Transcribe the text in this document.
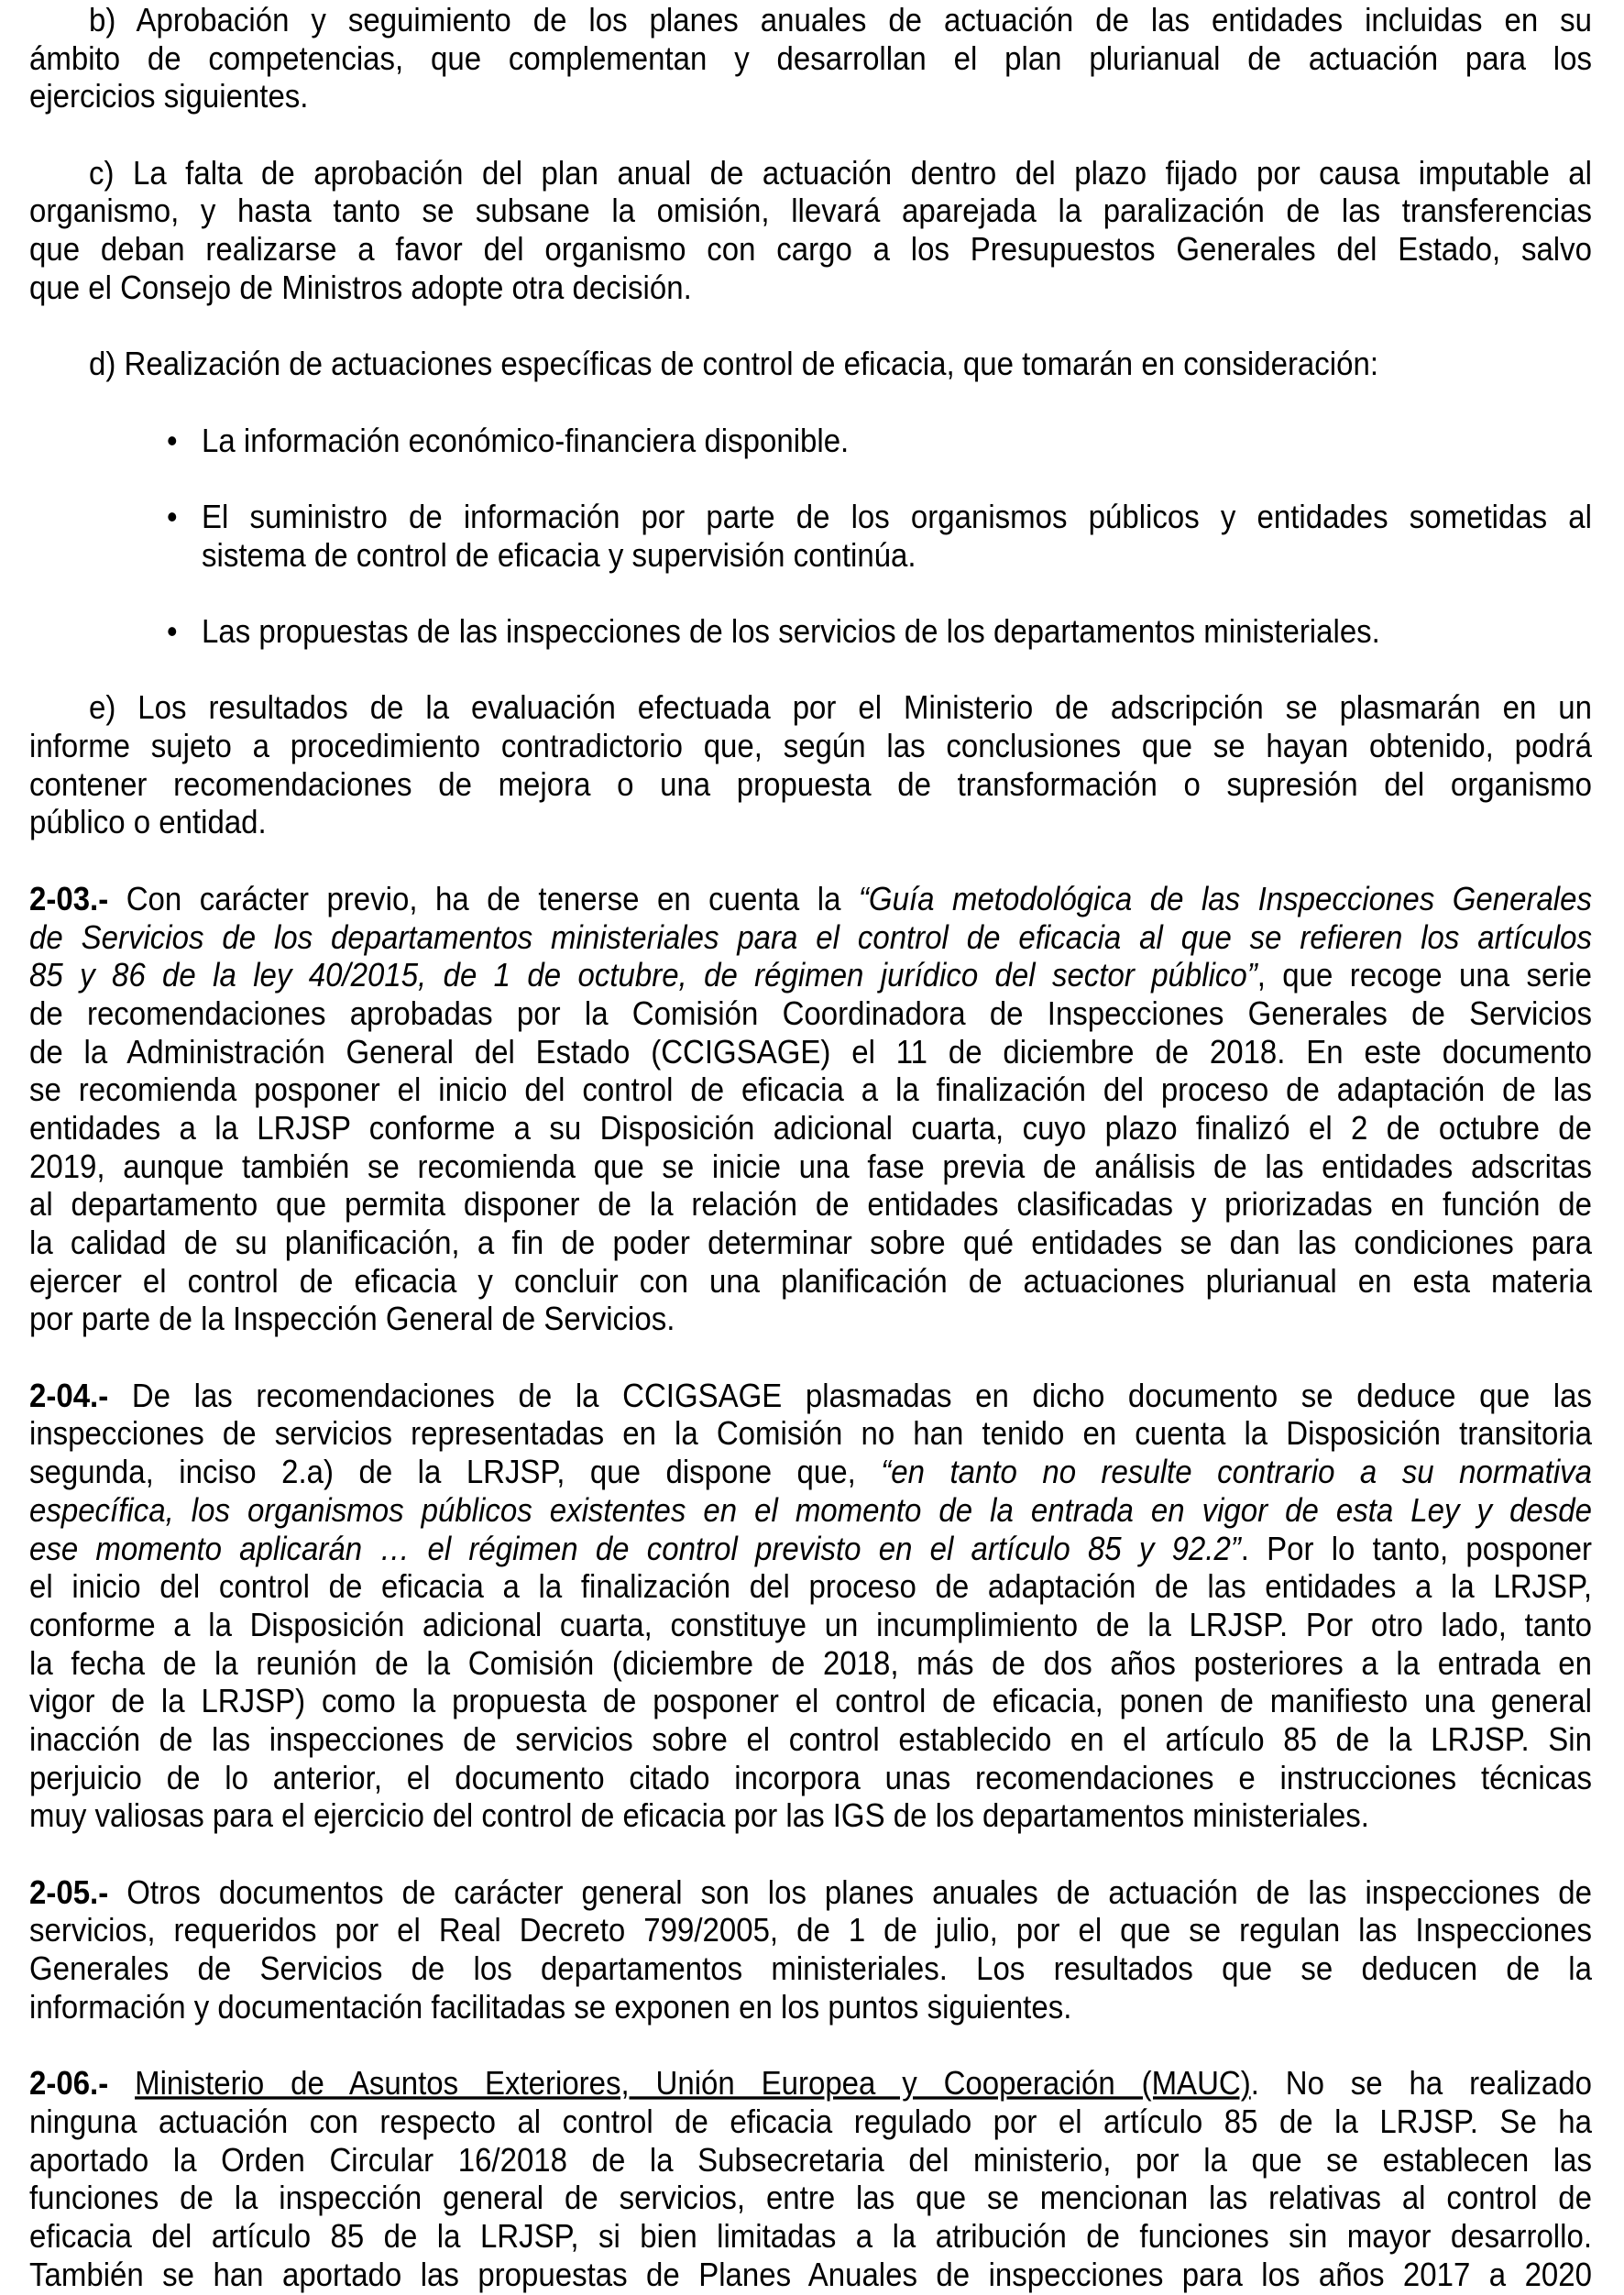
b) Aprobación y seguimiento de los planes anuales de actuación de las entidades incluidas en su
ámbito de competencias, que complementan y desarrollan el plan plurianual de actuación para los
ejercicios siguientes.
c) La falta de aprobación del plan anual de actuación dentro del plazo fijado por causa imputable al
organismo, y hasta tanto se subsane la omisión, llevará aparejada la paralización de las transferencias
que deban realizarse a favor del organismo con cargo a los Presupuestos Generales del Estado, salvo
que el Consejo de Ministros adopte otra decisión.
d) Realización de actuaciones específicas de control de eficacia, que tomarán en consideración:
• La información económico-financiera disponible.
• El suministro de información por parte de los organismos públicos y entidades sometidas al
sistema de control de eficacia y supervisión continúa.
• Las propuestas de las inspecciones de los servicios de los departamentos ministeriales.
e) Los resultados de la evaluación efectuada por el Ministerio de adscripción se plasmarán en un
informe sujeto a procedimiento contradictorio que, según las conclusiones que se hayan obtenido, podrá
contener recomendaciones de mejora o una propuesta de transformación o supresión del organismo
público o entidad.
2-03.- Con carácter previo, ha de tenerse en cuenta la “Guía metodológica de las Inspecciones Generales
de Servicios de los departamentos ministeriales para el control de eficacia al que se refieren los artículos
85 y 86 de la ley 40/2015, de 1 de octubre, de régimen jurídico del sector público”, que recoge una serie
de recomendaciones aprobadas por la Comisión Coordinadora de Inspecciones Generales de Servicios
de la Administración General del Estado (CCIGSAGE) el 11 de diciembre de 2018. En este documento
se recomienda posponer el inicio del control de eficacia a la finalización del proceso de adaptación de las
entidades a la LRJSP conforme a su Disposición adicional cuarta, cuyo plazo finalizó el 2 de octubre de
2019, aunque también se recomienda que se inicie una fase previa de análisis de las entidades adscritas
al departamento que permita disponer de la relación de entidades clasificadas y priorizadas en función de
la calidad de su planificación, a fin de poder determinar sobre qué entidades se dan las condiciones para
ejercer el control de eficacia y concluir con una planificación de actuaciones plurianual en esta materia
por parte de la Inspección General de Servicios.
2-04.- De las recomendaciones de la CCIGSAGE plasmadas en dicho documento se deduce que las
inspecciones de servicios representadas en la Comisión no han tenido en cuenta la Disposición transitoria
segunda, inciso 2.a) de la LRJSP, que dispone que, “en tanto no resulte contrario a su normativa
específica, los organismos públicos existentes en el momento de la entrada en vigor de esta Ley y desde
ese momento aplicarán … el régimen de control previsto en el artículo 85 y 92.2”. Por lo tanto, posponer
el inicio del control de eficacia a la finalización del proceso de adaptación de las entidades a la LRJSP,
conforme a la Disposición adicional cuarta, constituye un incumplimiento de la LRJSP. Por otro lado, tanto
la fecha de la reunión de la Comisión (diciembre de 2018, más de dos años posteriores a la entrada en
vigor de la LRJSP) como la propuesta de posponer el control de eficacia, ponen de manifiesto una general
inacción de las inspecciones de servicios sobre el control establecido en el artículo 85 de la LRJSP. Sin
perjuicio de lo anterior, el documento citado incorpora unas recomendaciones e instrucciones técnicas
muy valiosas para el ejercicio del control de eficacia por las IGS de los departamentos ministeriales.
2-05.- Otros documentos de carácter general son los planes anuales de actuación de las inspecciones de
servicios, requeridos por el Real Decreto 799/2005, de 1 de julio, por el que se regulan las Inspecciones
Generales de Servicios de los departamentos ministeriales. Los resultados que se deducen de la
información y documentación facilitadas se exponen en los puntos siguientes.
2-06.- Ministerio de Asuntos Exteriores, Unión Europea y Cooperación (MAUC). No se ha realizado
ninguna actuación con respecto al control de eficacia regulado por el artículo 85 de la LRJSP. Se ha
aportado la Orden Circular 16/2018 de la Subsecretaria del ministerio, por la que se establecen las
funciones de la inspección general de servicios, entre las que se mencionan las relativas al control de
eficacia del artículo 85 de la LRJSP, si bien limitadas a la atribución de funciones sin mayor desarrollo.
También se han aportado las propuestas de Planes Anuales de inspecciones para los años 2017 a 2020
